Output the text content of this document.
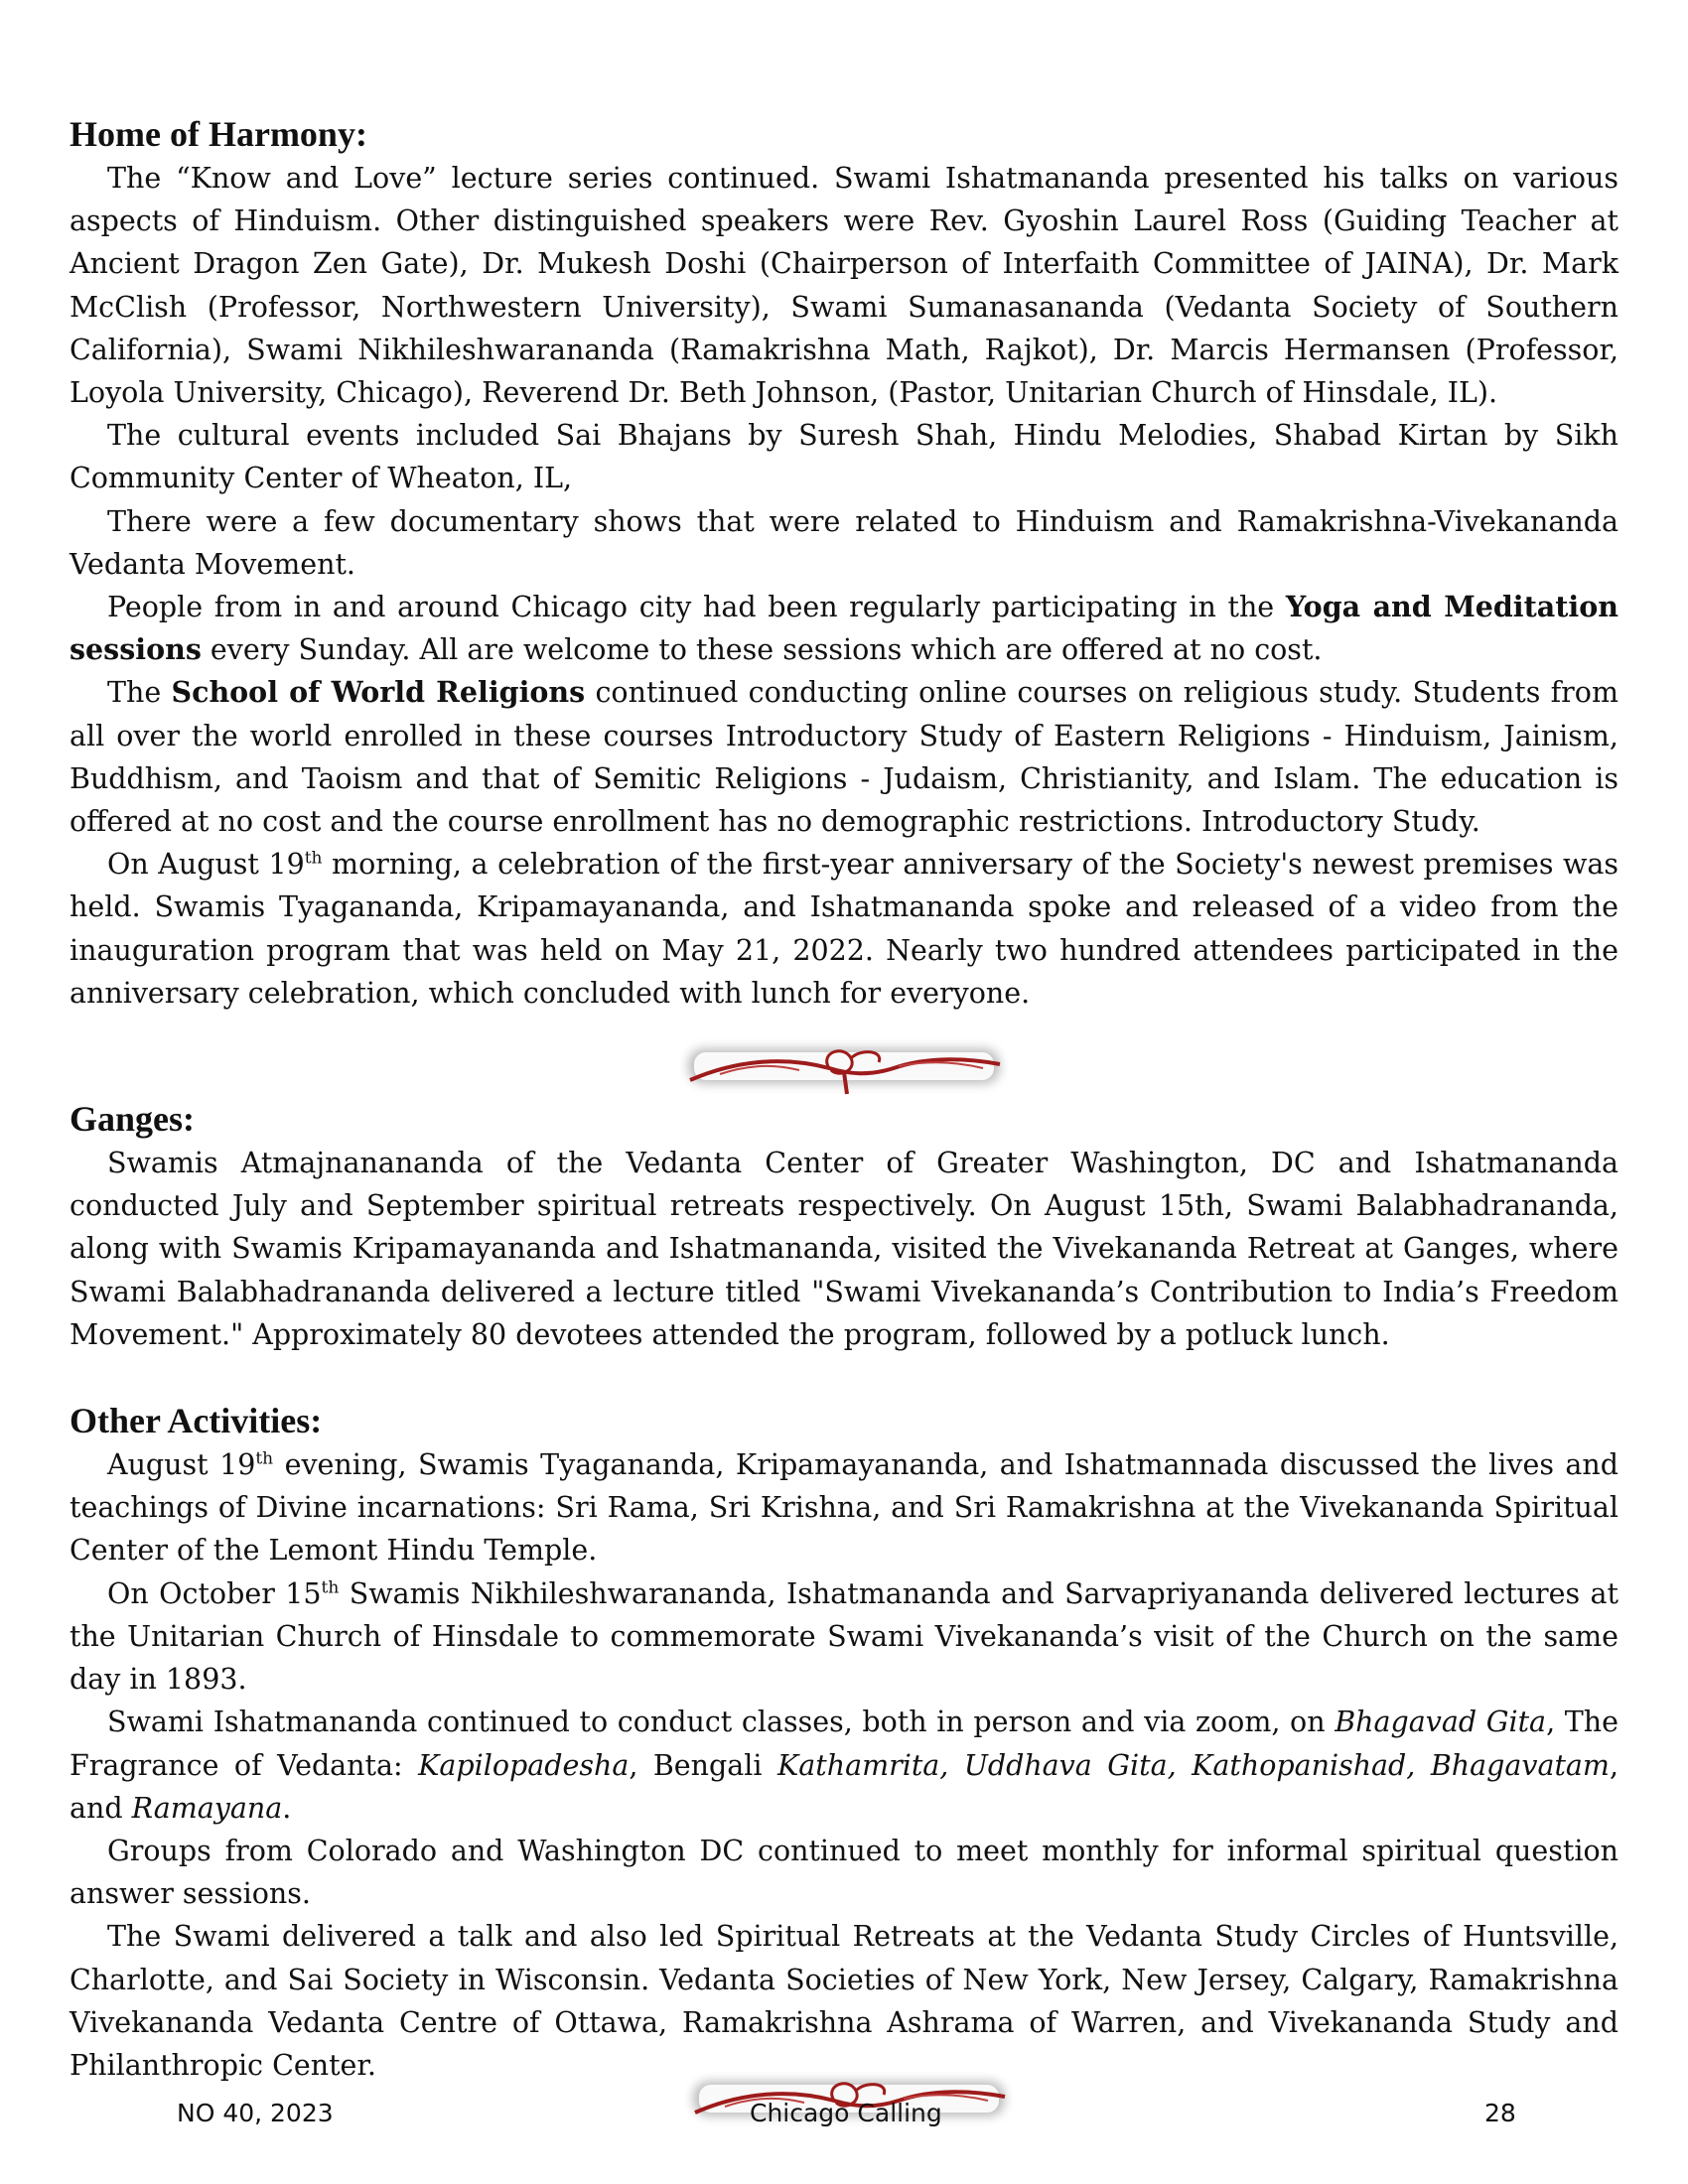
Home of Harmony:

The “Know and Love” lecture series continued. Swami Ishatmananda presented his talks on various aspects of Hinduism. Other distinguished speakers were Rev. Gyoshin Laurel Ross (Guiding Teacher at Ancient Dragon Zen Gate), Dr. Mukesh Doshi (Chairperson of Interfaith Committee of JAINA), Dr. Mark McClish (Professor, Northwestern University), Swami Sumanasananda (Vedanta Society of Southern California), Swami Nikhileshwarananda (Ramakrishna Math, Rajkot), Dr. Marcis Hermansen (Professor, Loyola University, Chicago), Reverend Dr. Beth Johnson, (Pastor, Unitarian Church of Hinsdale, IL).

The cultural events included Sai Bhajans by Suresh Shah, Hindu Melodies, Shabad Kirtan by Sikh Community Center of Wheaton, IL,

There were a few documentary shows that were related to Hinduism and Ramakrishna-Vivekananda Vedanta Movement.

People from in and around Chicago city had been regularly participating in the Yoga and Meditation sessions every Sunday. All are welcome to these sessions which are offered at no cost.

The School of World Religions continued conducting online courses on religious study. Students from all over the world enrolled in these courses Introductory Study of Eastern Religions - Hinduism, Jainism, Buddhism, and Taoism and that of Semitic Religions - Judaism, Christianity, and Islam. The education is offered at no cost and the course enrollment has no demographic restrictions. Introductory Study.

On August 19th morning, a celebration of the first-year anniversary of the Society's newest premises was held. Swamis Tyagananda, Kripamayananda, and Ishatmananda spoke and released of a video from the inauguration program that was held on May 21, 2022. Nearly two hundred attendees participated in the anniversary celebration, which concluded with lunch for everyone.

Ganges:

Swamis Atmajnanananda of the Vedanta Center of Greater Washington, DC and Ishatmananda conducted July and September spiritual retreats respectively. On August 15th, Swami Balabhadrananda, along with Swamis Kripamayananda and Ishatmananda, visited the Vivekananda Retreat at Ganges, where Swami Balabhadrananda delivered a lecture titled "Swami Vivekananda’s Contribution to India’s Freedom Movement." Approximately 80 devotees attended the program, followed by a potluck lunch.

Other Activities:

August 19th evening, Swamis Tyagananda, Kripamayananda, and Ishatmannada discussed the lives and teachings of Divine incarnations: Sri Rama, Sri Krishna, and Sri Ramakrishna at the Vivekananda Spiritual Center of the Lemont Hindu Temple.

On October 15th Swamis Nikhileshwarananda, Ishatmananda and Sarvapriyananda delivered lectures at the Unitarian Church of Hinsdale to commemorate Swami Vivekananda’s visit of the Church on the same day in 1893.

Swami Ishatmananda continued to conduct classes, both in person and via zoom, on Bhagavad Gita, The Fragrance of Vedanta: Kapilopadesha, Bengali Kathamrita, Uddhava Gita, Kathopanishad, Bhagavatam, and Ramayana.

Groups from Colorado and Washington DC continued to meet monthly for informal spiritual question answer sessions.

The Swami delivered a talk and also led Spiritual Retreats at the Vedanta Study Circles of Huntsville, Charlotte, and Sai Society in Wisconsin. Vedanta Societies of New York, New Jersey, Calgary, Ramakrishna Vivekananda Vedanta Centre of Ottawa, Ramakrishna Ashrama of Warren, and Vivekananda Study and Philanthropic Center.

NO 40, 2023	Chicago Calling	28
